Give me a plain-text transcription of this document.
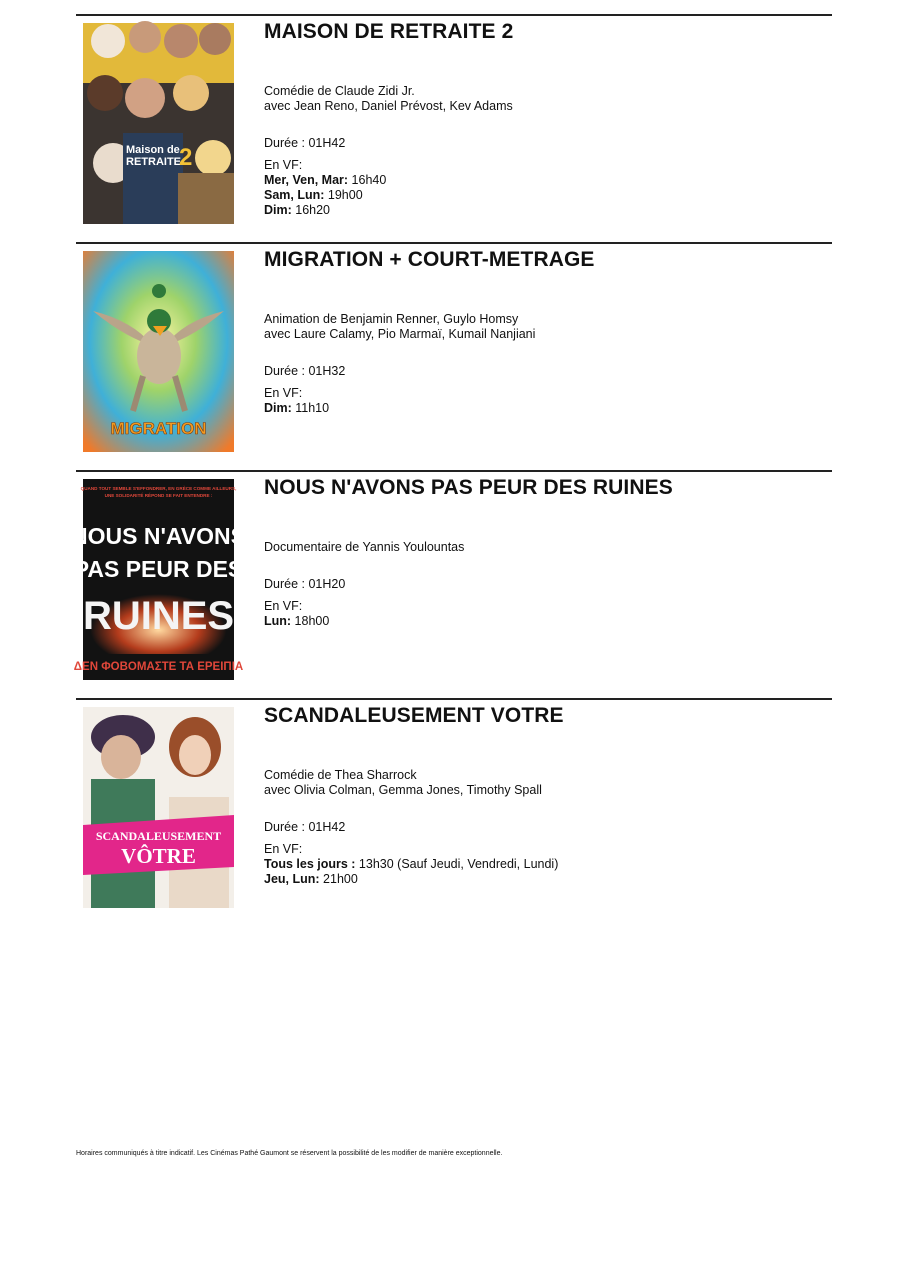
Maison de
RETRAITE
2
MAISON DE RETRAITE 2
Comédie de Claude Zidi Jr.
avec Jean Reno, Daniel Prévost, Kev Adams
Durée : 01H42
En VF:
Mer, Ven, Mar: 16h40
Sam, Lun: 19h00
Dim: 16h20
MIGRATION
MIGRATION + COURT-METRAGE
Animation de Benjamin Renner, Guylo Homsy
avec Laure Calamy, Pio Marmaï, Kumail Nanjiani
Durée : 01H32
En VF:
Dim: 11h10
QUAND TOUT SEMBLE S'EFFONDRER, EN GRÈCE COMME AILLEURS,
UNE SOLIDARITÉ RÉPOND SE FAIT ENTENDRE :
NOUS N'AVONS
PAS PEUR DES
RUINES
ΔΕΝ ΦΟΒΟΜΑΣΤΕ ΤΑ ΕΡΕΙΠΙΑ
NOUS N'AVONS PAS PEUR DES RUINES
Documentaire de Yannis Youlountas
Durée : 01H20
En VF:
Lun: 18h00
SCANDALEUSEMENT
VÔTRE
SCANDALEUSEMENT VOTRE
Comédie de Thea Sharrock
avec Olivia Colman, Gemma Jones, Timothy Spall
Durée : 01H42
En VF:
Tous les jours : 13h30 (Sauf Jeudi, Vendredi, Lundi)
Jeu, Lun: 21h00
Horaires communiqués à titre indicatif. Les Cinémas Pathé Gaumont se réservent la possibilité de les modifier de manière exceptionnelle.
